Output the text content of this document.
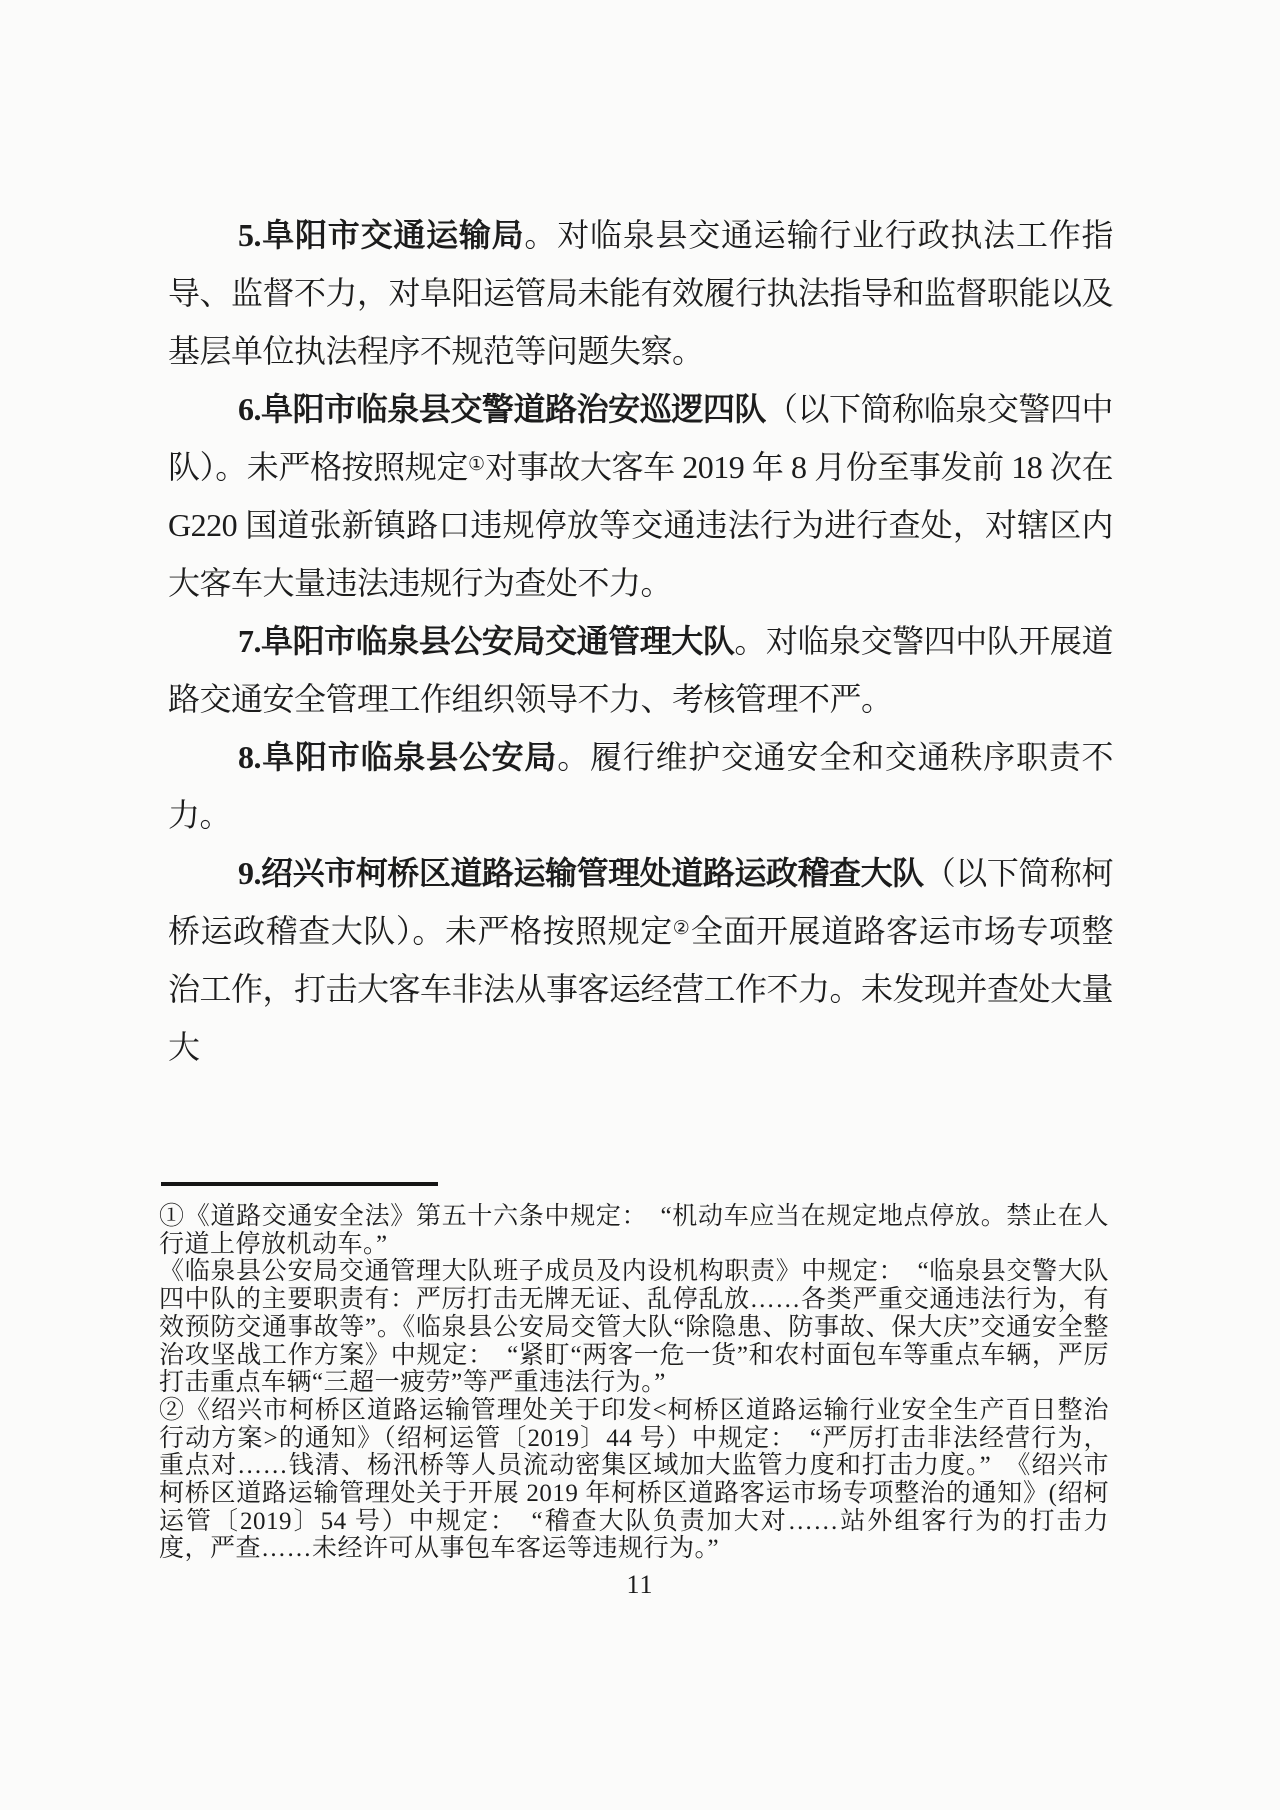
5.阜阳市交通运输局。对临泉县交通运输行业行政执法工作指导、监督不力，对阜阳运管局未能有效履行执法指导和监督职能以及基层单位执法程序不规范等问题失察。

6.阜阳市临泉县交警道路治安巡逻四队（以下简称临泉交警四中队）。未严格按照规定①对事故大客车 2019 年 8 月份至事发前 18 次在 G220 国道张新镇路口违规停放等交通违法行为进行查处，对辖区内大客车大量违法违规行为查处不力。

7.阜阳市临泉县公安局交通管理大队。对临泉交警四中队开展道路交通安全管理工作组织领导不力、考核管理不严。

8.阜阳市临泉县公安局。履行维护交通安全和交通秩序职责不力。

9.绍兴市柯桥区道路运输管理处道路运政稽查大队（以下简称柯桥运政稽查大队）。未严格按照规定②全面开展道路客运市场专项整治工作，打击大客车非法从事客运经营工作不力。未发现并查处大量大

①《道路交通安全法》第五十六条中规定：　“机动车应当在规定地点停放。禁止在人行道上停放机动车。”

《临泉县公安局交通管理大队班子成员及内设机构职责》中规定：　“临泉县交警大队四中队的主要职责有：严厉打击无牌无证、乱停乱放……各类严重交通违法行为，有效预防交通事故等”。《临泉县公安局交管大队“除隐患、防事故、保大庆”交通安全整治攻坚战工作方案》中规定：　“紧盯“两客一危一货”和农村面包车等重点车辆，严厉打击重点车辆“三超一疲劳”等严重违法行为。”

②《绍兴市柯桥区道路运输管理处关于印发<柯桥区道路运输行业安全生产百日整治行动方案>的通知》（绍柯运管〔2019〕44 号）中规定：　“严厉打击非法经营行为，重点对……钱清、杨汛桥等人员流动密集区域加大监管力度和打击力度。”　《绍兴市柯桥区道路运输管理处关于开展 2019 年柯桥区道路客运市场专项整治的通知》(绍柯运管〔2019〕54 号）中规定：　“稽查大队负责加大对……站外组客行为的打击力度，严查……未经许可从事包车客运等违规行为。”

11
